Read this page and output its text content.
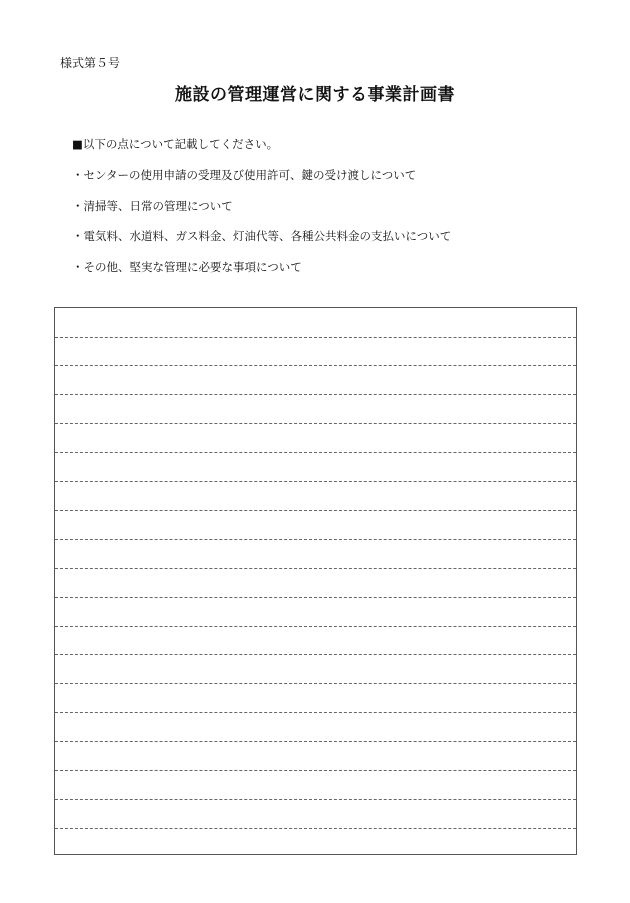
様式第５号
施設の管理運営に関する事業計画書
■以下の点について記載してください。
・センターの使用申請の受理及び使用許可、鍵の受け渡しについて
・清掃等、日常の管理について
・電気料、水道料、ガス料金、灯油代等、各種公共料金の支払いについて
・その他、堅実な管理に必要な事項について
